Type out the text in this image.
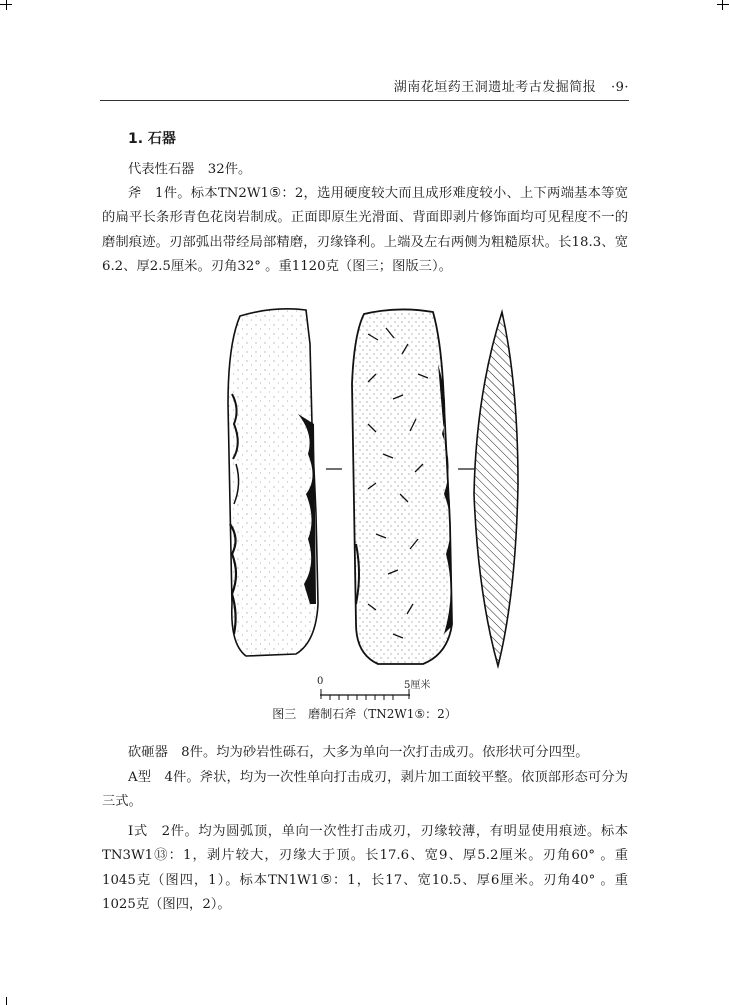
湖南花垣药王洞遗址考古发掘简报 ·9·
1. 石器

代表性石器　32件。

斧　1件。标本TN2W1⑤：2，选用硬度较大而且成形难度较小、上下两端基本等宽的扁平长条形青色花岗岩制成。正面即原生光滑面、背面即剥片修饰面均可见程度不一的磨制痕迹。刃部弧出带经局部精磨，刃缘锋利。上端及左右两侧为粗糙原状。长18.3、宽6.2、厚2.5厘米。刃角32° 。重1120克（图三；图版三）。

0	5厘米
图三　磨制石斧（TN2W1⑤：2）

砍砸器　8件。均为砂岩性砾石，大多为单向一次打击成刃。依形状可分四型。

A型　4件。斧状，均为一次性单向打击成刃，剥片加工面较平整。依顶部形态可分为三式。

Ⅰ式　2件。均为圆弧顶，单向一次性打击成刃，刃缘较薄，有明显使用痕迹。标本TN3W1⑬：1，剥片较大，刃缘大于顶。长17.6、宽9、厚5.2厘米。刃角60° 。重1045克（图四，1）。标本TN1W1⑤：1，长17、宽10.5、厚6厘米。刃角40° 。重1025克（图四，2）。
